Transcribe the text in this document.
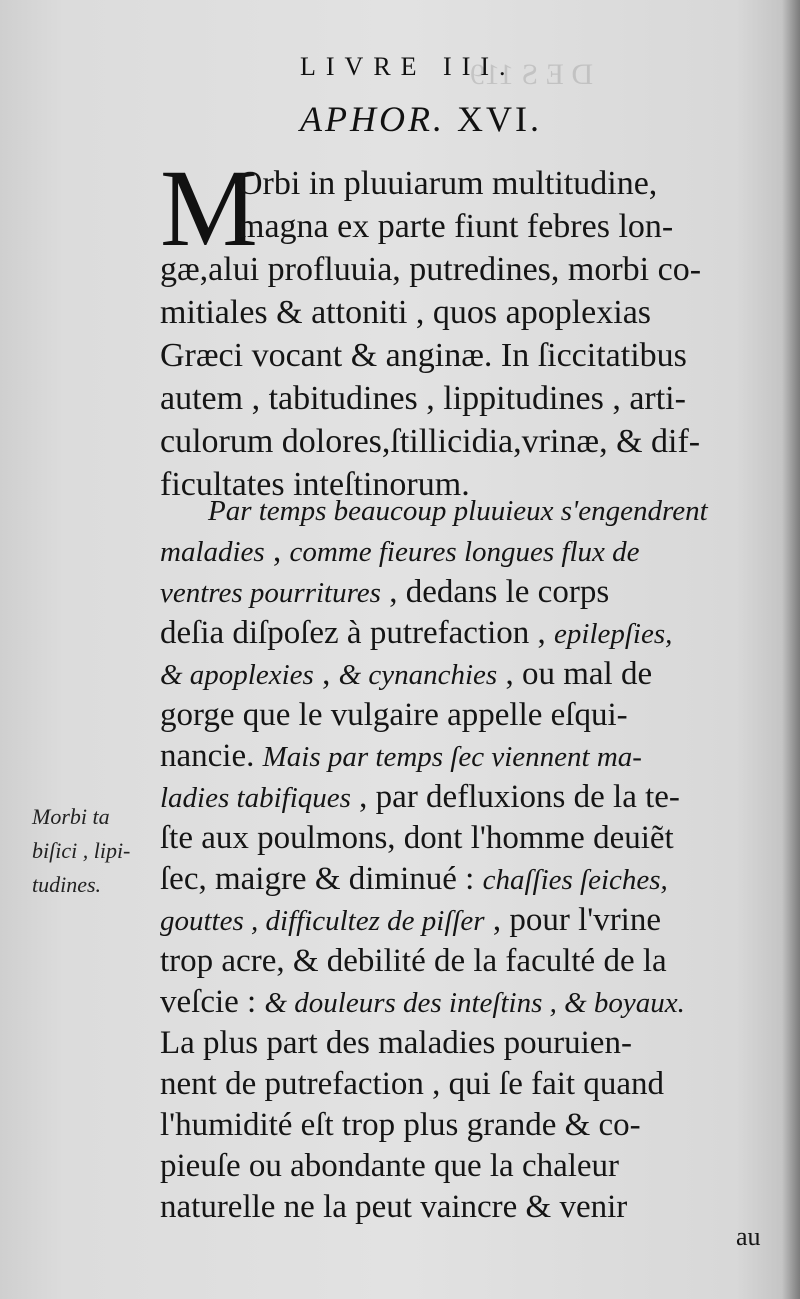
D E S 119
LIVRE III.
APHOR. XVI.
M
Orbi in pluuiarum multitudine,
magna ex parte fiunt febres lon-
gæ,alui profluuia, putredines, morbi co-
mitiales & attoniti , quos apoplexias
Græci vocant & anginæ. In ſiccitatibus
autem , tabitudines , lippitudines , arti-
culorum dolores,ſtillicidia,vrinæ, & dif-
ficultates inteſtinorum.
Par temps beaucoup pluuieux s'engendrent
maladies , comme fieures longues flux de
ventres pourritures , dedans le corps
deſia diſpoſez à putrefaction , epilepſies,
& apoplexies , & cynanchies , ou mal de
gorge que le vulgaire appelle eſqui-
nancie. Mais par temps ſec viennent ma-
ladies tabifiques , par defluxions de la te-
ſte aux poulmons, dont l'homme deuiẽt
ſec, maigre & diminué : chaſſies ſeiches,
gouttes , difficultez de piſſer , pour l'vrine
trop acre, & debilité de la faculté de la
veſcie : & douleurs des inteſtins , & boyaux.
La plus part des maladies pouruien-
nent de putrefaction , qui ſe fait quand
l'humidité eſt trop plus grande & co-
pieuſe ou abondante que la chaleur
naturelle ne la peut vaincre & venir
Morbi ta
biſici , lipi-
tudines.
au
